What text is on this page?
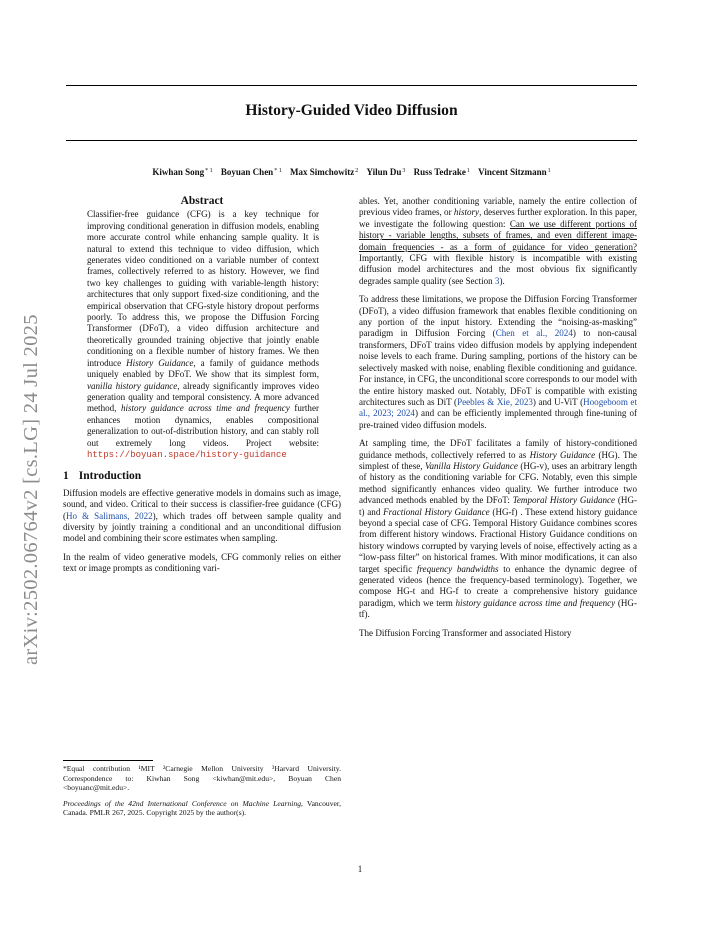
arXiv:2502.06764v2 [cs.LG] 24 Jul 2025
History-Guided Video Diffusion
Kiwhan Song$^{* 1}$ Boyuan Chen$^{* 1}$ Max Simchowitz$^2$ Yilun Du$^3$ Russ Tedrake$^1$ Vincent Sitzmann$^1$
Abstract

Classifier-free guidance (CFG) is a key technique for improving conditional generation in diffusion models, enabling more accurate control while enhancing sample quality. It is natural to extend this technique to video diffusion, which generates video conditioned on a variable number of context frames, collectively referred to as history. However, we find two key challenges to guiding with variable-length history: architectures that only support fixed-size conditioning, and the empirical observation that CFG-style history dropout performs poorly. To address this, we propose the Diffusion Forcing Transformer (DFoT), a video diffusion architecture and theoretically grounded training objective that jointly enable conditioning on a flexible number of history frames. We then introduce History Guidance, a family of guidance methods uniquely enabled by DFoT. We show that its simplest form, vanilla history guidance, already significantly improves video generation quality and temporal consistency. A more advanced method, history guidance across time and frequency further enhances motion dynamics, enables compositional generalization to out-of-distribution history, and can stably roll out extremely long videos. Project website: https://boyuan.space/history-guidance

1 Introduction

Diffusion models are effective generative models in domains such as image, sound, and video. Critical to their success is classifier-free guidance (CFG) (Ho & Salimans, 2022), which trades off between sample quality and diversity by jointly training a conditional and an unconditional diffusion model and combining their score estimates when sampling.

In the realm of video generative models, CFG commonly relies on either text or image prompts as conditioning vari-

*Equal contribution ¹MIT ²Carnegie Mellon University ³Harvard University. Correspondence to: Kiwhan Song <kiwhan@mit.edu>, Boyuan Chen <boyuanc@mit.edu>.

Proceedings of the 42nd International Conference on Machine Learning, Vancouver, Canada. PMLR 267, 2025. Copyright 2025 by the author(s).

ables. Yet, another conditioning variable, namely the entire collection of previous video frames, or history, deserves further exploration. In this paper, we investigate the following question: Can we use different portions of history - variable lengths, subsets of frames, and even different image-domain frequencies - as a form of guidance for video generation? Importantly, CFG with flexible history is incompatible with existing diffusion model architectures and the most obvious fix significantly degrades sample quality (see Section 3).

To address these limitations, we propose the Diffusion Forcing Transformer (DFoT), a video diffusion framework that enables flexible conditioning on any portion of the input history. Extending the “noising-as-masking” paradigm in Diffusion Forcing (Chen et al., 2024) to non-causal transformers, DFoT trains video diffusion models by applying independent noise levels to each frame. During sampling, portions of the history can be selectively masked with noise, enabling flexible conditioning and guidance. For instance, in CFG, the unconditional score corresponds to our model with the entire history masked out. Notably, DFoT is compatible with existing architectures such as DiT (Peebles & Xie, 2023) and U-ViT (Hoogeboom et al., 2023; 2024) and can be efficiently implemented through fine-tuning of pre-trained video diffusion models.

At sampling time, the DFoT facilitates a family of history-conditioned guidance methods, collectively referred to as History Guidance (HG). The simplest of these, Vanilla History Guidance (HG-v), uses an arbitrary length of history as the conditioning variable for CFG. Notably, even this simple method significantly enhances video quality. We further introduce two advanced methods enabled by the DFoT: Temporal History Guidance (HG-t) and Fractional History Guidance (HG-f) . These extend history guidance beyond a special case of CFG. Temporal History Guidance combines scores from different history windows. Fractional History Guidance conditions on history windows corrupted by varying levels of noise, effectively acting as a “low-pass filter” on historical frames. With minor modifications, it can also target specific frequency bandwidths to enhance the dynamic degree of generated videos (hence the frequency-based terminology). Together, we compose HG-t and HG-f to create a comprehensive history guidance paradigm, which we term history guidance across time and frequency (HG-tf).

The Diffusion Forcing Transformer and associated History

1
